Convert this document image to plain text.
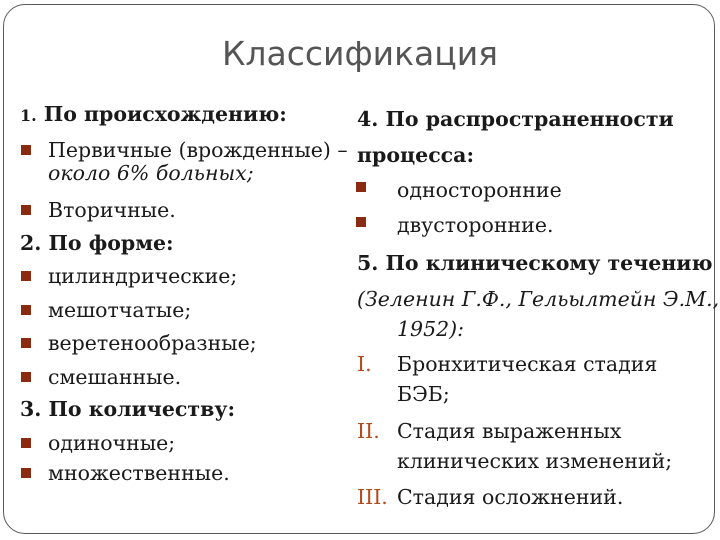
Классификация
1. По происхождению:
Первичные (врожденные) –
около 6% больных;
Вторичные.
2. По форме:
цилиндрические;
мешотчатые;
веретенообразные;
смешанные.
3. По количеству:
одиночные;
множественные.
4. По распространенности
процесса:
односторонние
двусторонние.
5. По клиническому течению
(Зеленин Г.Ф., Гельылтейн Э.М.,
1952):
I. Бронхитическая стадия
БЭБ;
II. Стадия выраженных
клинических изменений;
III. Стадия осложнений.
